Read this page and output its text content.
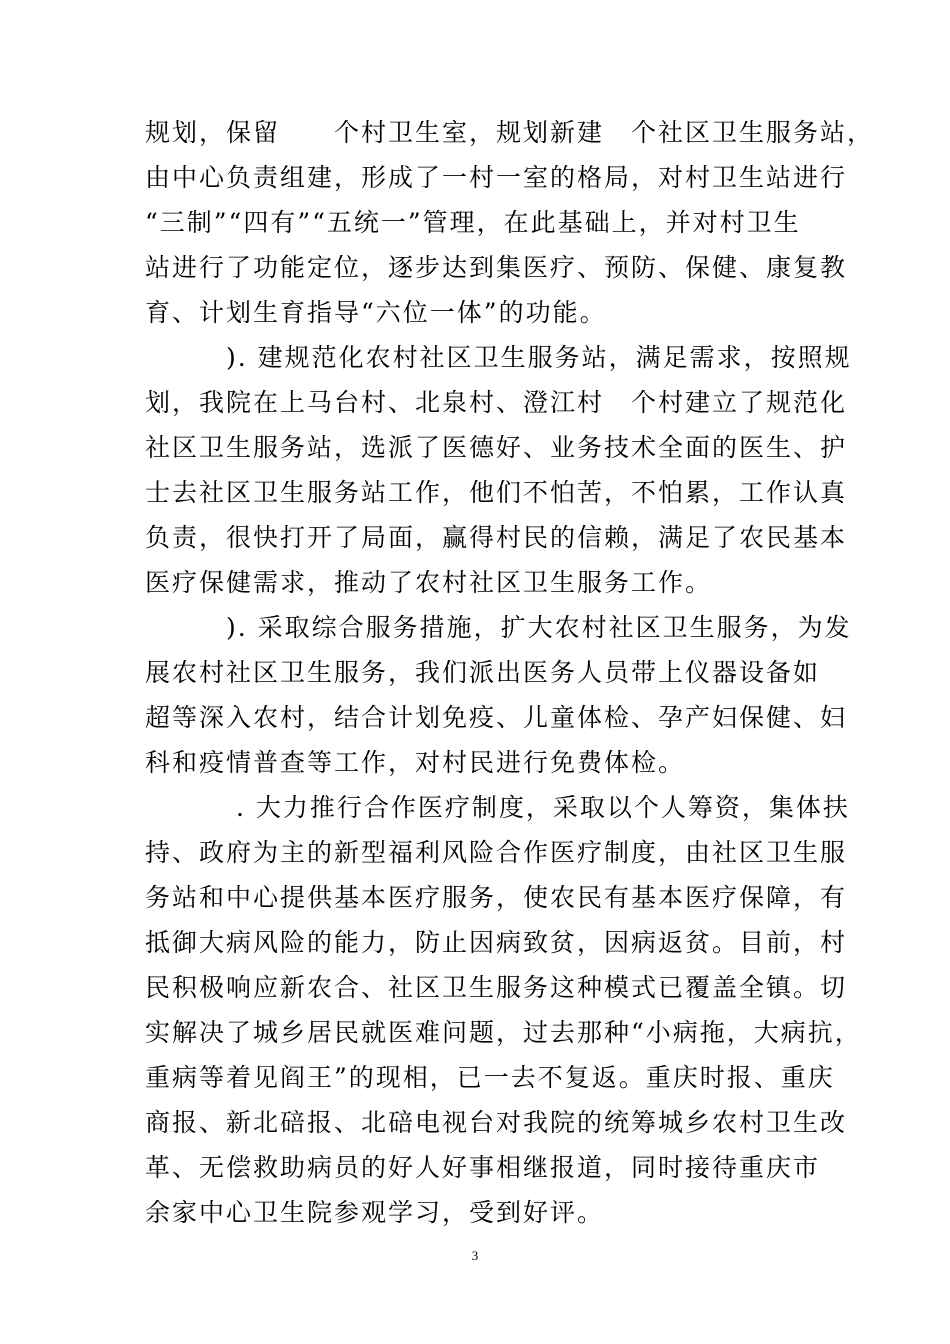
规划，保留　　个村卫生室，规划新建　个社区卫生服务站，
由中心负责组建，形成了一村一室的格局，对村卫生站进行
“三制”“四有”“五统一”管理，在此基础上，并对村卫生
站进行了功能定位，逐步达到集医疗、预防、保健、康复教
育、计划生育指导“六位一体”的功能。
　　　). 建规范化农村社区卫生服务站，满足需求，按照规
划，我院在上马台村、北泉村、澄江村　个村建立了规范化
社区卫生服务站，选派了医德好、业务技术全面的医生、护
士去社区卫生服务站工作，他们不怕苦，不怕累，工作认真
负责，很快打开了局面，赢得村民的信赖，满足了农民基本
医疗保健需求，推动了农村社区卫生服务工作。
　　　). 采取综合服务措施，扩大农村社区卫生服务，为发
展农村社区卫生服务，我们派出医务人员带上仪器设备如
超等深入农村，结合计划免疫、儿童体检、孕产妇保健、妇
科和疫情普查等工作，对村民进行免费体检。
　　　 . 大力推行合作医疗制度，采取以个人筹资，集体扶
持、政府为主的新型福利风险合作医疗制度，由社区卫生服
务站和中心提供基本医疗服务，使农民有基本医疗保障，有
抵御大病风险的能力，防止因病致贫，因病返贫。目前，村
民积极响应新农合、社区卫生服务这种模式已覆盖全镇。切
实解决了城乡居民就医难问题，过去那种“小病拖，大病抗，
重病等着见阎王”的现相，已一去不复返。重庆时报、重庆
商报、新北碚报、北碚电视台对我院的统筹城乡农村卫生改
革、无偿救助病员的好人好事相继报道，同时接待重庆市
余家中心卫生院参观学习，受到好评。
3
